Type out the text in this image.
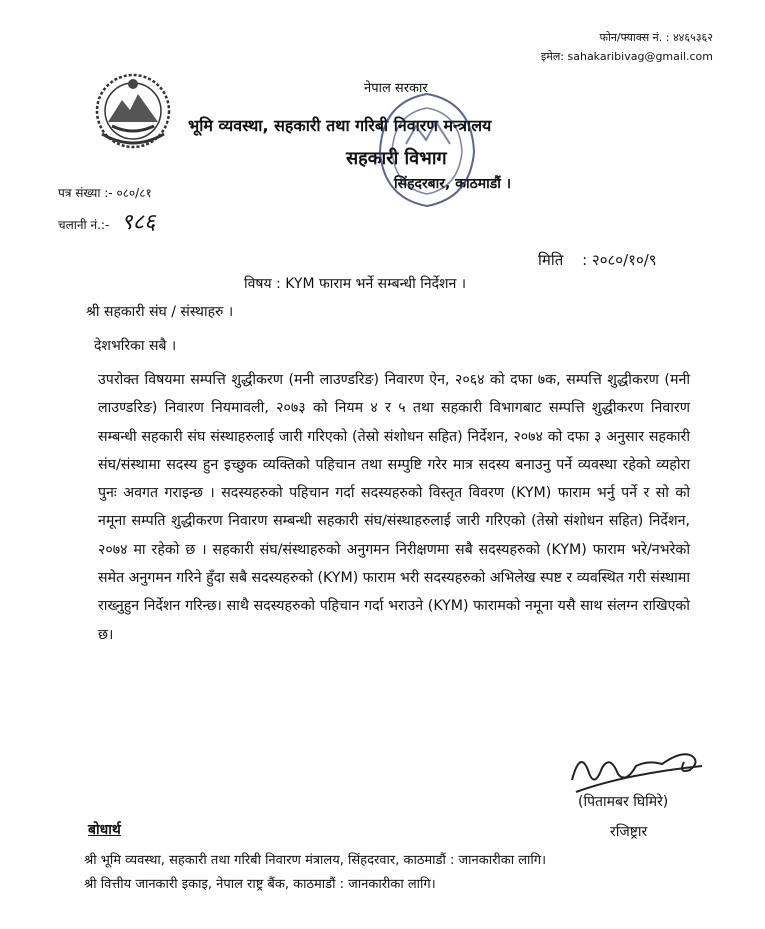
फोन/फ्याक्स नं. : ४४६५३६२
इमेल: sahakaribivag@gmail.com
नेपाल सरकार
भूमि व्यवस्था, सहकारी तथा गरिबी निवारण मन्त्रालय
सहकारी विभाग
सिंहदरबार, काठमाडौं ।
पत्र संख्या :- ०८०/८१
चलानी नं.:- ९८६
मिति : २०८०/१०/९
विषय : KYM फाराम भर्ने सम्बन्धी निर्देशन ।
श्री सहकारी संघ / संस्थाहरु ।
देशभरिका सबै ।
उपरोक्त विषयमा सम्पत्ति शुद्धीकरण (मनी लाउण्डरिङ) निवारण ऐन, २०६४ को दफा ७क, सम्पत्ति शुद्धीकरण (मनी लाउण्डरिङ) निवारण नियमावली, २०७३ को नियम ४ र ५ तथा सहकारी विभागबाट सम्पत्ति शुद्धीकरण निवारण सम्बन्धी सहकारी संघ संस्थाहरुलाई जारी गरिएको (तेस्रो संशोधन सहित) निर्देशन, २०७४ को दफा ३ अनुसार सहकारी संघ/संस्थामा सदस्य हुन इच्छुक व्यक्तिको पहिचान तथा सम्पुष्टि गरेर मात्र सदस्य बनाउनु पर्ने व्यवस्था रहेको व्यहोरा पुनः अवगत गराइन्छ । सदस्यहरुको पहिचान गर्दा सदस्यहरुको विस्तृत विवरण (KYM) फाराम भर्नु पर्ने र सो को नमूना सम्पति शुद्धीकरण निवारण सम्बन्धी सहकारी संघ/संस्थाहरुलाई जारी गरिएको (तेस्रो संशोधन सहित) निर्देशन, २०७४ मा रहेको छ । सहकारी संघ/संस्थाहरुको अनुगमन निरीक्षणमा सबै सदस्यहरुको (KYM) फाराम भरे/नभरेको समेत अनुगमन गरिने हुँदा सबै सदस्यहरुको (KYM) फाराम भरी सदस्यहरुको अभिलेख स्पष्ट र व्यवस्थित गरी संस्थामा राख्नुहुन निर्देशन गरिन्छ। साथै सदस्यहरुको पहिचान गर्दा भराउने (KYM) फारामको नमूना यसै साथ संलग्न राखिएको छ।
(पितामबर घिमिरे)
रजिष्ट्रार
बोधार्थ
श्री भूमि व्यवस्था, सहकारी तथा गरिबी निवारण मंत्रालय, सिंहदरवार, काठमाडौं : जानकारीका लागि।
श्री वित्तीय जानकारी इकाइ, नेपाल राष्ट्र बैंक, काठमाडौं : जानकारीका लागि।
